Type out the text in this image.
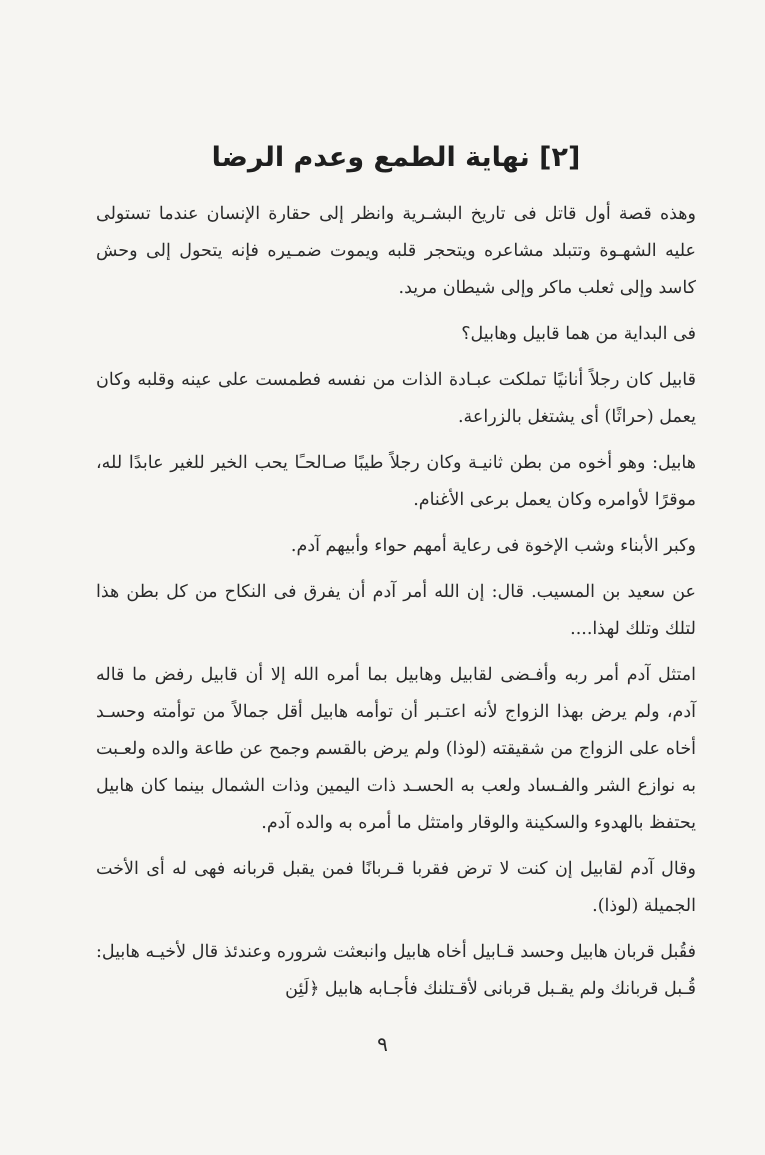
[٢] نهاية الطمع وعدم الرضا

وهذه قصة أول قاتل فى تاريخ البشـرية وانظر إلى حقارة الإنسان عندما تستولى عليه الشهـوة وتتبلد مشاعره ويتحجر قلبه ويموت ضمـيره فإنه يتحول إلى وحش كاسد وإلى ثعلب ماكر وإلى شيطان مريد.

فى البداية من هما قابيل وهابيل؟

قابيل كان رجلاً أنانيًا تملكت عبـادة الذات من نفسه فطمست على عينه وقلبه وكان يعمل (حراثًا) أى يشتغل بالزراعة.

هابيل: وهو أخوه من بطن ثانيـة وكان رجلاً طيبًا صـالحـًا يحب الخير للغير عابدًا لله، موقرًا لأوامره وكان يعمل برعى الأغنام.

وكبر الأبناء وشب الإخوة فى رعاية أمهم حواء وأبيهم آدم.

عن سعيد بن المسيب. قال: إن الله أمر آدم أن يفرق فى النكاح من كل بطن هذا لتلك وتلك لهذا....

امتثل آدم أمر ربه وأفـضى لقابيل وهابيل بما أمره الله إلا أن قابيل رفض ما قاله آدم، ولم يرض بهذا الزواج لأنه اعتـبر أن توأمه هابيل أقل جمالاً من توأمته وحسـد أخاه على الزواج من شقيقته (لوذا) ولم يرض بالقسم وجمح عن طاعة والده ولعـبت به نوازع الشر والفـساد ولعب به الحسـد ذات اليمين وذات الشمال بينما كان هابيل يحتفظ بالهدوء والسكينة والوقار وامتثل ما أمره به والده آدم.

وقال آدم لقابيل إن كنت لا ترض فقربا قـربانًا فمن يقبل قربانه فهى له أى الأخت الجميلة (لوذا).

فقُبل قربان هابيل وحسد قـابيل أخاه هابيل وانبعثت شروره وعندئذ قال لأخيـه هابيل: قُـبل قربانك ولم يقـبل قربانى لأقـتلنك فأجـابه هابيل ﴿لَئِن

٩
